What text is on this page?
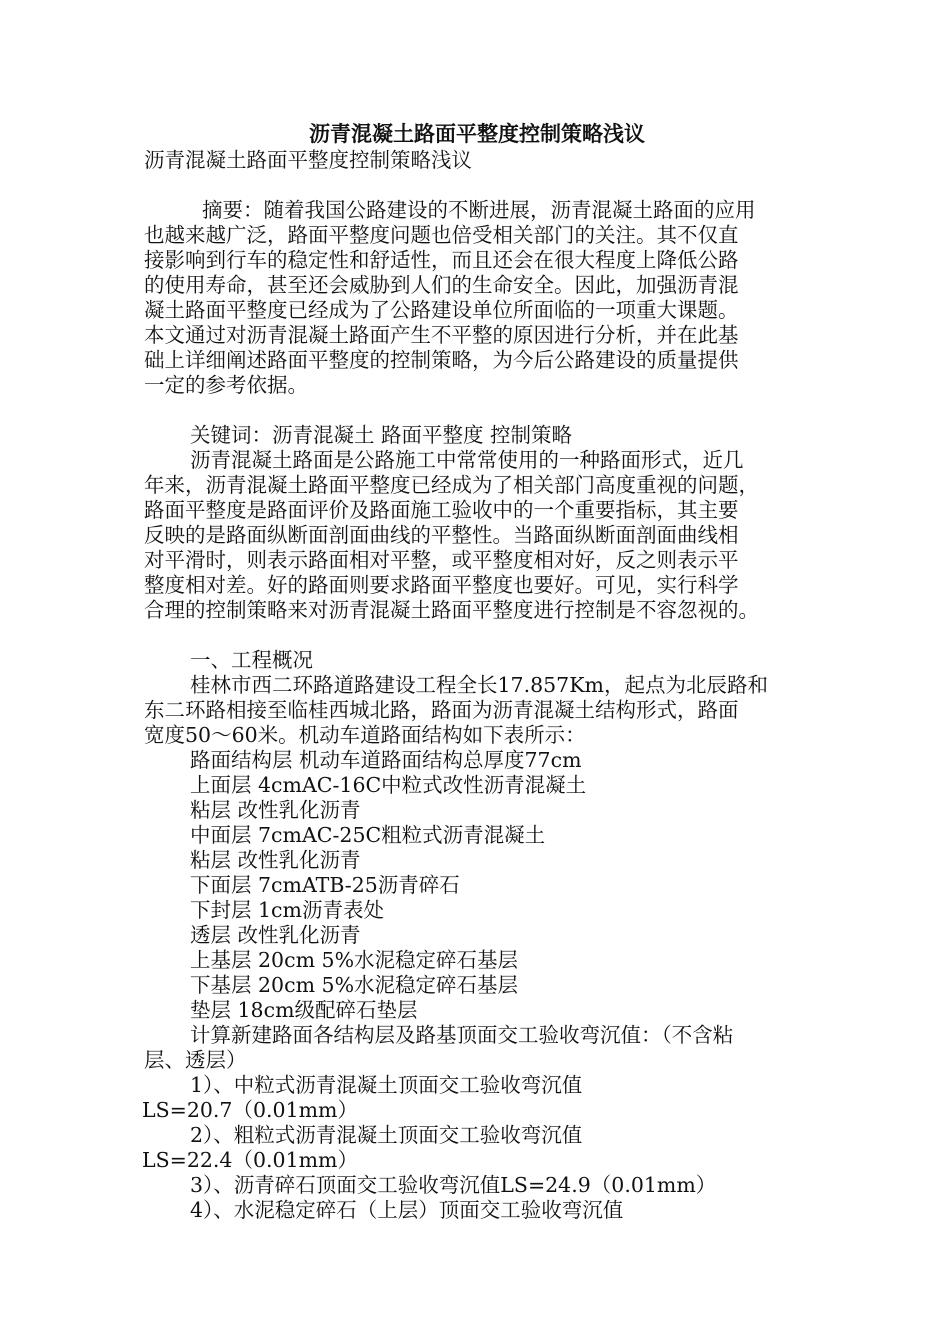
沥青混凝土路面平整度控制策略浅议

沥青混凝土路面平整度控制策略浅议

摘要：随着我国公路建设的不断进展，沥青混凝土路面的应用

也越来越广泛，路面平整度问题也倍受相关部门的关注。其不仅直

接影响到行车的稳定性和舒适性，而且还会在很大程度上降低公路

的使用寿命，甚至还会威胁到人们的生命安全。因此，加强沥青混

凝土路面平整度已经成为了公路建设单位所面临的一项重大课题。

本文通过对沥青混凝土路面产生不平整的原因进行分析，并在此基

础上详细阐述路面平整度的控制策略，为今后公路建设的质量提供

一定的参考依据。

关键词：沥青混凝土 路面平整度 控制策略

沥青混凝土路面是公路施工中常常使用的一种路面形式，近几

年来，沥青混凝土路面平整度已经成为了相关部门高度重视的问题，

路面平整度是路面评价及路面施工验收中的一个重要指标，其主要

反映的是路面纵断面剖面曲线的平整性。当路面纵断面剖面曲线相

对平滑时，则表示路面相对平整，或平整度相对好，反之则表示平

整度相对差。好的路面则要求路面平整度也要好。可见，实行科学

合理的控制策略来对沥青混凝土路面平整度进行控制是不容忽视的。

一、工程概况

桂林市西二环路道路建设工程全长17.857Km，起点为北辰路和

东二环路相接至临桂西城北路，路面为沥青混凝土结构形式，路面

宽度50～60米。机动车道路面结构如下表所示：

路面结构层 机动车道路面结构总厚度77cm

上面层 4cmAC-16C中粒式改性沥青混凝土

粘层 改性乳化沥青

中面层 7cmAC-25C粗粒式沥青混凝土

粘层 改性乳化沥青

下面层 7cmATB-25沥青碎石

下封层 1cm沥青表处

透层 改性乳化沥青

上基层 20cm 5%水泥稳定碎石基层

下基层 20cm 5%水泥稳定碎石基层

垫层 18cm级配碎石垫层

计算新建路面各结构层及路基顶面交工验收弯沉值：（不含粘

层、透层）

1）、中粒式沥青混凝土顶面交工验收弯沉值

LS=20.7（0.01mm）

2）、粗粒式沥青混凝土顶面交工验收弯沉值

LS=22.4（0.01mm）

3）、沥青碎石顶面交工验收弯沉值LS=24.9（0.01mm）

4）、水泥稳定碎石（上层）顶面交工验收弯沉值
